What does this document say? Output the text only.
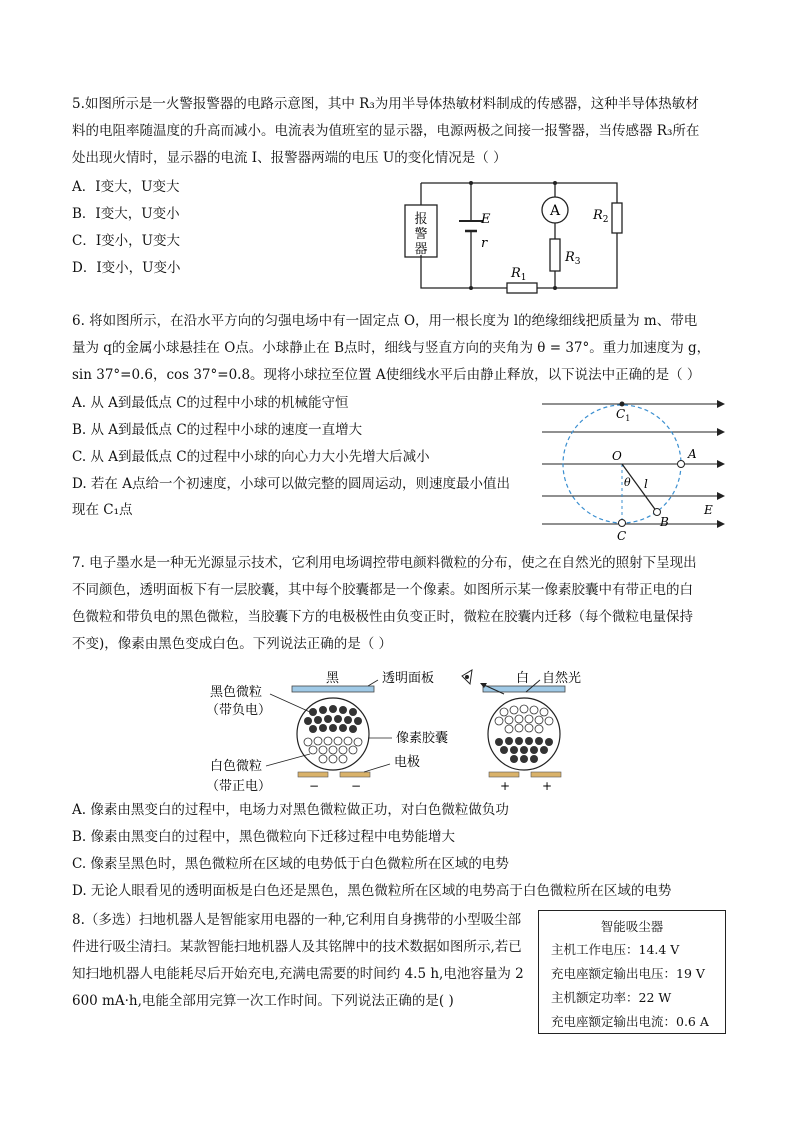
5.如图所示是一火警报警器的电路示意图，其中 R₃为用半导体热敏材料制成的传感器，这种半导体热敏材
料的电阻率随温度的升高而减小。电流表为值班室的显示器，电源两极之间接一报警器，当传感器 R₃所在
处出现火情时，显示器的电流 I、报警器两端的电压 U的变化情况是（ ）
A．I变大，U变大
B．I变大，U变小
C．I变小，U变大
D．I变小，U变小
报
警
器
E
r
A	$R_2$
$R_3$
$R_1$
6. 将如图所示，在沿水平方向的匀强电场中有一固定点 O，用一根长度为 l的绝缘细线把质量为 m、带电
量为 q的金属小球悬挂在 O点。小球静止在 B点时，细线与竖直方向的夹角为 θ = 37°。重力加速度为 g，
sin 37°=0.6，cos 37°=0.8。现将小球拉至位置 A使细线水平后由静止释放，以下说法中正确的是（ ）
A. 从 A到最低点 C的过程中小球的机械能守恒
B. 从 A到最低点 C的过程中小球的速度一直增大
C. 从 A到最低点 C的过程中小球的向心力大小先增大后减小
D. 若在 A点给一个初速度，小球可以做完整的圆周运动，则速度最小值出
现在 C₁点
$C_1$
O	A
θ l
B
E
C
7. 电子墨水是一种无光源显示技术，它利用电场调控带电颜料微粒的分布，使之在自然光的照射下呈现出
不同颜色，透明面板下有一层胶囊，其中每个胶囊都是一个像素。如图所示某一像素胶囊中有带正电的白
色微粒和带负电的黑色微粒，当胶囊下方的电极极性由负变正时，微粒在胶囊内迁移（每个微粒电量保持
不变)，像素由黑色变成白色。下列说法正确的是（ ）
黑色微粒
（带负电）
黑	透明面板
像素胶囊
电极
白色微粒
（带正电）
白 自然光
−	−	+	+
A. 像素由黑变白的过程中，电场力对黑色微粒做正功，对白色微粒做负功
B. 像素由黑变白的过程中，黑色微粒向下迁移过程中电势能增大
C. 像素呈黑色时，黑色微粒所在区域的电势低于白色微粒所在区域的电势
D. 无论人眼看见的透明面板是白色还是黑色，黑色微粒所在区域的电势高于白色微粒所在区域的电势
8.（多选）扫地机器人是智能家用电器的一种,它利用自身携带的小型吸尘部
件进行吸尘清扫。某款智能扫地机器人及其铭牌中的技术数据如图所示,若已
知扫地机器人电能耗尽后开始充电,充满电需要的时间约 4.5 h,电池容量为 2
600 mA·h,电能全部用完算一次工作时间。下列说法正确的是( )
智能吸尘器
主机工作电压：14.4 V
充电座额定输出电压：19 V
主机额定功率：22 W
充电座额定输出电流：0.6 A
